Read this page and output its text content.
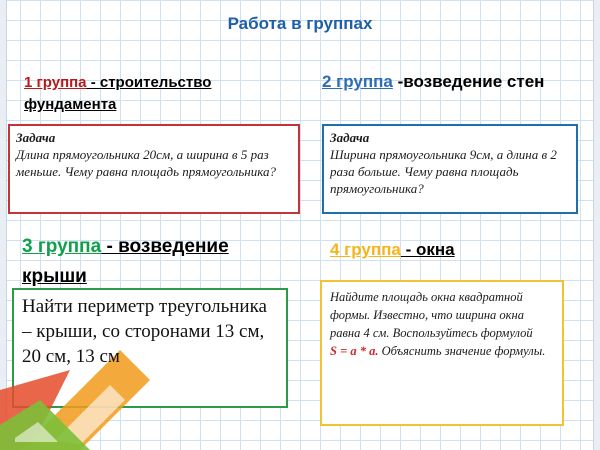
Работа в группах
1 группа - строительство фундамента
Задача
Длина прямоугольника 20см, а ширина в 5 раз меньше. Чему равна площадь прямоугольника?
2 группа -возведение стен
Задача
Ширина прямоугольника 9см, а длина в 2 раза больше. Чему равна площадь прямоугольника?
3 группа - возведение крыши
Найти периметр треугольника – крыши, со сторонами 13 см, 20 см, 13 см
4 группа - окна
Найдите площадь окна квадратной формы. Известно, что ширина окна равна 4 см. Воспользуйтесь формулой
S = a * a. Объяснить значение формулы.
